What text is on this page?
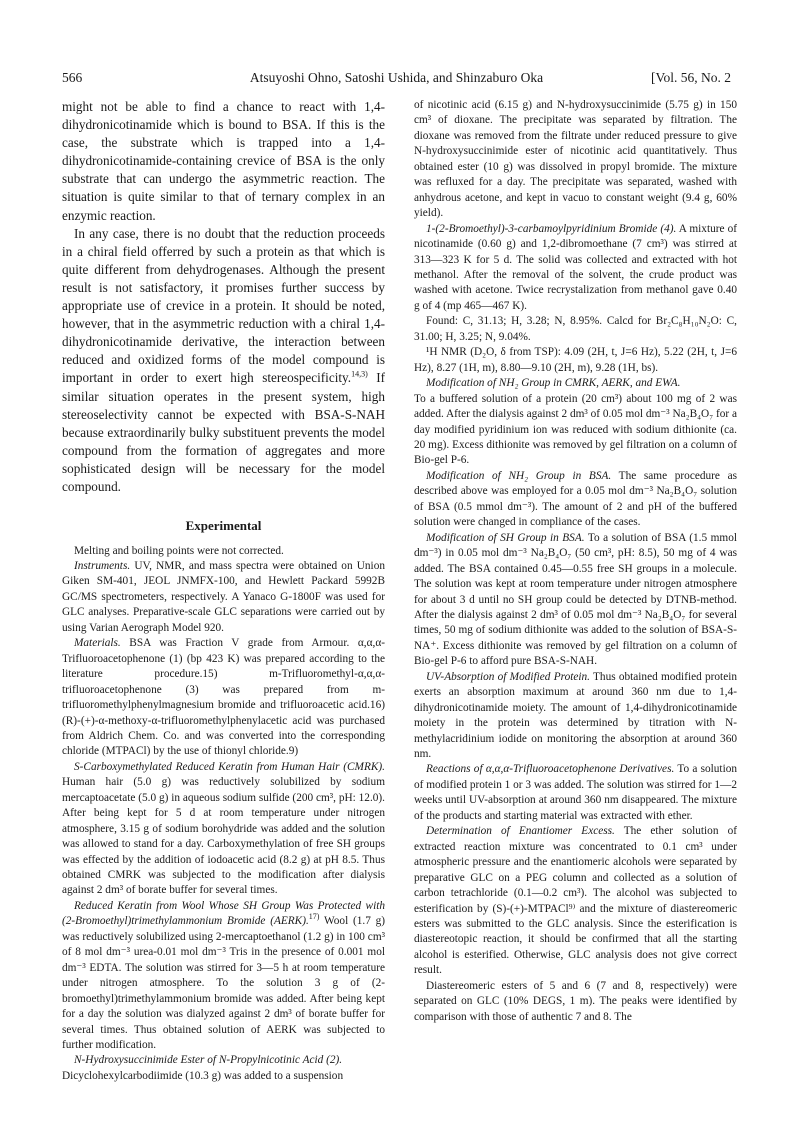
566	Atsuyoshi Ohno, Satoshi Ushida, and Shinzaburo Oka	[Vol. 56, No. 2

might not be able to find a chance to react with 1,4-dihydronicotinamide which is bound to BSA. If this is the case, the substrate which is trapped into a 1,4-dihydronicotinamide-containing crevice of BSA is the only substrate that can undergo the asymmetric reaction. The situation is quite similar to that of ternary complex in an enzymic reaction.

In any case, there is no doubt that the reduction proceeds in a chiral field offerred by such a protein as that which is quite different from dehydrogenases. Although the present result is not satisfactory, it promises further success by appropriate use of crevice in a protein. It should be noted, however, that in the asymmetric reduction with a chiral 1,4-dihydronicotinamide derivative, the interaction between reduced and oxidized forms of the model compound is important in order to exert high stereospecificity.$^{14,3)}$ If similar situation operates in the present system, high stereoselectivity cannot be expected with BSA-S-NAH because extraordinarily bulky substituent prevents the model compound from the formation of aggregates and more sophisticated design will be necessary for the model compound.

Experimental

Melting and boiling points were not corrected.

Instruments. UV, NMR, and mass spectra were obtained on Union Giken SM-401, JEOL JNMFX-100, and Hewlett Packard 5992B GC/MS spectrometers, respectively. A Yanaco G-1800F was used for GLC analyses. Preparative-scale GLC separations were carried out by using Varian Aerograph Model 920.

Materials. BSA was Fraction V grade from Armour. α,α,α-Trifluoroacetophenone (1) (bp 423 K) was prepared according to the literature procedure.15) m-Trifluoromethyl-α,α,α-trifluoroacetophenone (3) was prepared from m-trifluoromethylphenylmagnesium bromide and trifluoroacetic acid.16) (R)-(+)-α-methoxy-α-trifluoromethylphenylacetic acid was purchased from Aldrich Chem. Co. and was converted into the corresponding chloride (MTPACl) by the use of thionyl chloride.9)

S-Carboxymethylated Reduced Keratin from Human Hair (CMRK). Human hair (5.0 g) was reductively solubilized by sodium mercaptoacetate (5.0 g) in aqueous sodium sulfide (200 cm³, pH: 12.0). After being kept for 5 d at room temperature under nitrogen atmosphere, 3.15 g of sodium borohydride was added and the solution was allowed to stand for a day. Carboxymethylation of free SH groups was effected by the addition of iodoacetic acid (8.2 g) at pH 8.5. Thus obtained CMRK was subjected to the modification after dialysis against 2 dm³ of borate buffer for several times.

Reduced Keratin from Wool Whose SH Group Was Protected with (2-Bromoethyl)trimethylammonium Bromide (AERK).$^{17)}$ Wool (1.7 g) was reductively solubilized using 2-mercaptoethanol (1.2 g) in 100 cm³ of 8 mol dm⁻³ urea-0.01 mol dm⁻³ Tris in the presence of 0.001 mol dm⁻³ EDTA. The solution was stirred for 3—5 h at room temperature under nitrogen atmosphere. To the solution 3 g of (2-bromoethyl)trimethylammonium bromide was added. After being kept for a day the solution was dialyzed against 2 dm³ of borate buffer for several times. Thus obtained solution of AERK was subjected to further modification.

N-Hydroxysuccinimide Ester of N-Propylnicotinic Acid (2).

Dicyclohexylcarbodiimide (10.3 g) was added to a suspension

of nicotinic acid (6.15 g) and N-hydroxysuccinimide (5.75 g) in 150 cm³ of dioxane. The precipitate was separated by filtration. The dioxane was removed from the filtrate under reduced pressure to give N-hydroxysuccinimide ester of nicotinic acid quantitatively. Thus obtained ester (10 g) was dissolved in propyl bromide. The mixture was refluxed for a day. The precipitate was separated, washed with anhydrous acetone, and kept in vacuo to constant weight (9.4 g, 60% yield).

1-(2-Bromoethyl)-3-carbamoylpyridinium Bromide (4). A mixture of nicotinamide (0.60 g) and 1,2-dibromoethane (7 cm³) was stirred at 313—323 K for 5 d. The solid was collected and extracted with hot methanol. After the removal of the solvent, the crude product was washed with acetone. Twice recrystalization from methanol gave 0.40 g of 4 (mp 465—467 K).

Found: C, 31.13; H, 3.28; N, 8.95%. Calcd for Br₂C₈H₁₀N₂O: C, 31.00; H, 3.25; N, 9.04%.

¹H NMR (D₂O, δ from TSP): 4.09 (2H, t, J=6 Hz), 5.22 (2H, t, J=6 Hz), 8.27 (1H, m), 8.80—9.10 (2H, m), 9.28 (1H, bs).

Modification of NH₂ Group in CMRK, AERK, and EWA.

To a buffered solution of a protein (20 cm³) about 100 mg of 2 was added. After the dialysis against 2 dm³ of 0.05 mol dm⁻³ Na₂B₄O₇ for a day modified pyridinium ion was reduced with sodium dithionite (ca. 20 mg). Excess dithionite was removed by gel filtration on a column of Bio-gel P-6.

Modification of NH₂ Group in BSA. The same procedure as described above was employed for a 0.05 mol dm⁻³ Na₂B₄O₇ solution of BSA (0.5 mmol dm⁻³). The amount of 2 and pH of the buffered solution were changed in compliance of the cases.

Modification of SH Group in BSA. To a solution of BSA (1.5 mmol dm⁻³) in 0.05 mol dm⁻³ Na₂B₄O₇ (50 cm³, pH: 8.5), 50 mg of 4 was added. The BSA contained 0.45—0.55 free SH groups in a molecule. The solution was kept at room temperature under nitrogen atmosphere for about 3 d until no SH group could be detected by DTNB-method. After the dialysis against 2 dm³ of 0.05 mol dm⁻³ Na₂B₄O₇ for several times, 50 mg of sodium dithionite was added to the solution of BSA-S-NA⁺. Excess dithionite was removed by gel filtration on a column of Bio-gel P-6 to afford pure BSA-S-NAH.

UV-Absorption of Modified Protein. Thus obtained modified protein exerts an absorption maximum at around 360 nm due to 1,4-dihydronicotinamide moiety. The amount of 1,4-dihydronicotinamide moiety in the protein was determined by titration with N-methylacridinium iodide on monitoring the absorption at around 360 nm.

Reactions of α,α,α-Trifluoroacetophenone Derivatives. To a solution of modified protein 1 or 3 was added. The solution was stirred for 1—2 weeks until UV-absorption at around 360 nm disappeared. The mixture of the products and starting material was extracted with ether.

Determination of Enantiomer Excess. The ether solution of extracted reaction mixture was concentrated to 0.1 cm³ under atmospheric pressure and the enantiomeric alcohols were separated by preparative GLC on a PEG column and collected as a solution of carbon tetrachloride (0.1—0.2 cm³). The alcohol was subjected to esterification by (S)-(+)-MTPACl⁹⁾ and the mixture of diastereomeric esters was submitted to the GLC analysis. Since the esterification is diastereotopic reaction, it should be confirmed that all the starting alcohol is esterified. Otherwise, GLC analysis does not give correct result.

Diastereomeric esters of 5 and 6 (7 and 8, respectively) were separated on GLC (10% DEGS, 1 m). The peaks were identified by comparison with those of authentic 7 and 8. The
